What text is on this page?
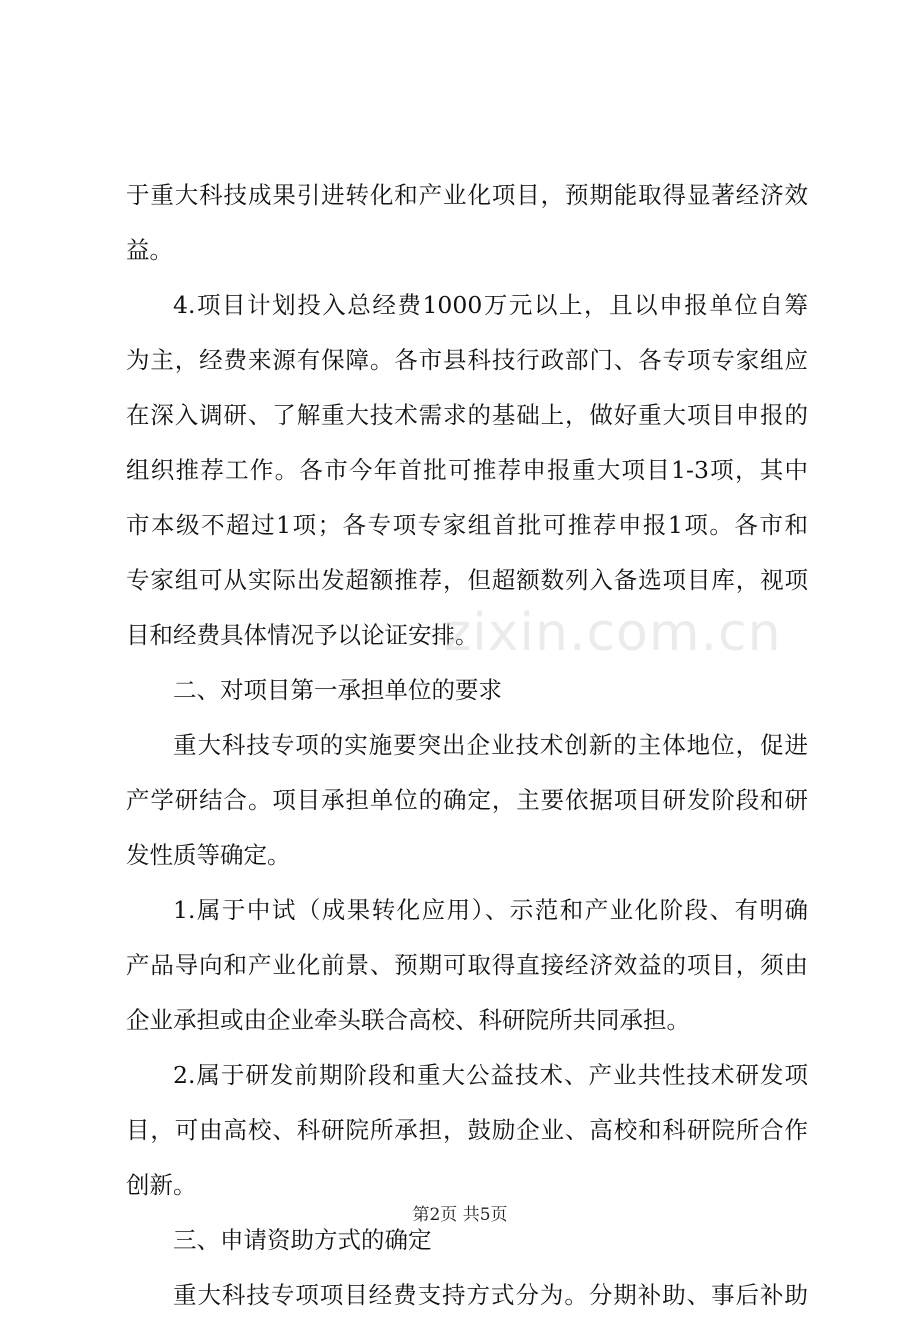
于重大科技成果引进转化和产业化项目，预期能取得显著经济效
益。
4.项目计划投入总经费1000万元以上，且以申报单位自筹
为主，经费来源有保障。各市县科技行政部门、各专项专家组应
在深入调研、了解重大技术需求的基础上，做好重大项目申报的
组织推荐工作。各市今年首批可推荐申报重大项目1-3项，其中
市本级不超过1项；各专项专家组首批可推荐申报1项。各市和
专家组可从实际出发超额推荐，但超额数列入备选项目库，视项
目和经费具体情况予以论证安排。
二、对项目第一承担单位的要求
重大科技专项的实施要突出企业技术创新的主体地位，促进
产学研结合。项目承担单位的确定，主要依据项目研发阶段和研
发性质等确定。
1.属于中试（成果转化应用）、示范和产业化阶段、有明确
产品导向和产业化前景、预期可取得直接经济效益的项目，须由
企业承担或由企业牵头联合高校、科研院所共同承担。
2.属于研发前期阶段和重大公益技术、产业共性技术研发项
目，可由高校、科研院所承担，鼓励企业、高校和科研院所合作
创新。
三、申请资助方式的确定
重大科技专项项目经费支持方式分为。分期补助、事后补助
zixin.com.cn
第2页 共5页
